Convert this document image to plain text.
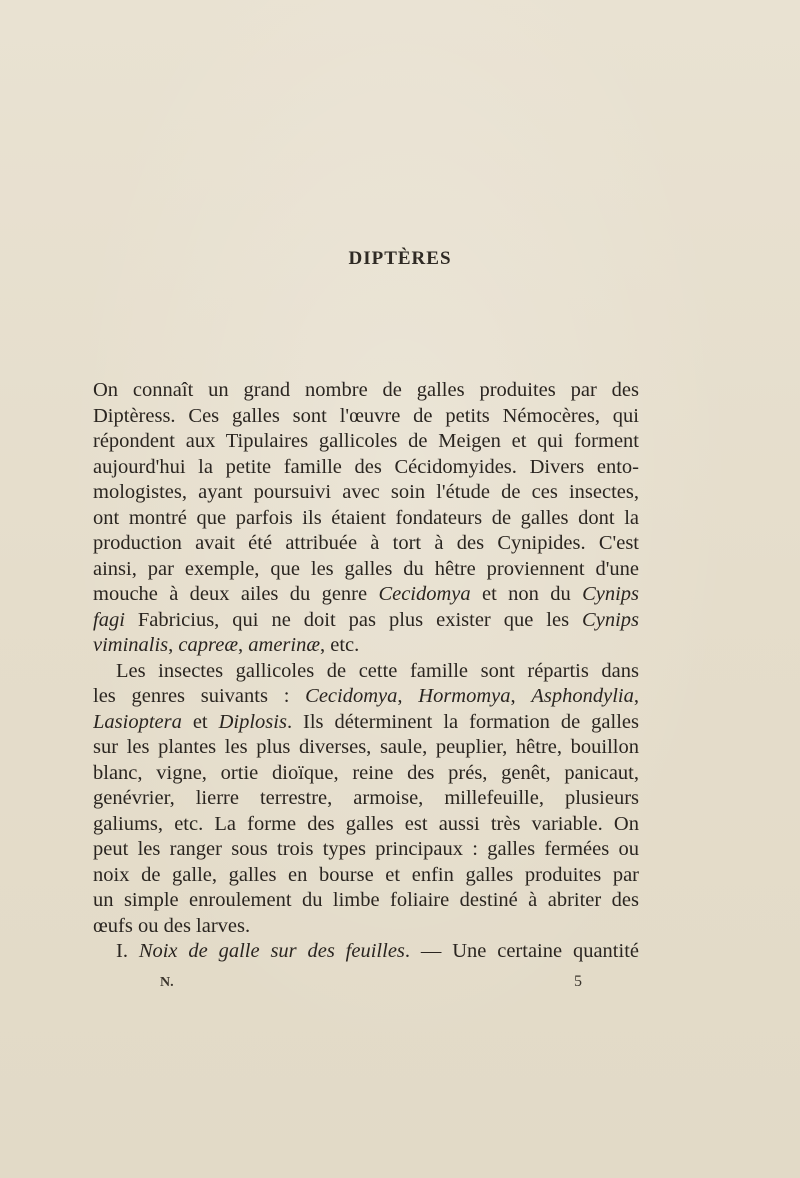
DIPTÈRES
On connaît un grand nombre de galles produites par des
Diptèress. Ces galles sont l'œuvre de petits Némocères, qui
répondent aux Tipulaires gallicoles de Meigen et qui forment
aujourd'hui la petite famille des Cécidomyides. Divers ento-
mologistes, ayant poursuivi avec soin l'étude de ces insectes,
ont montré que parfois ils étaient fondateurs de galles dont la
production avait été attribuée à tort à des Cynipides. C'est
ainsi, par exemple, que les galles du hêtre proviennent d'une
mouche à deux ailes du genre Cecidomya et non du Cynips
fagi Fabricius, qui ne doit pas plus exister que les Cynips
viminalis, capreæ, amerinæ, etc.
Les insectes gallicoles de cette famille sont répartis dans
les genres suivants : Cecidomya, Hormomya, Asphondylia,
Lasioptera et Diplosis. Ils déterminent la formation de galles
sur les plantes les plus diverses, saule, peuplier, hêtre, bouillon
blanc, vigne, ortie dioïque, reine des prés, genêt, panicaut,
genévrier, lierre terrestre, armoise, millefeuille, plusieurs
galiums, etc. La forme des galles est aussi très variable. On
peut les ranger sous trois types principaux : galles fermées ou
noix de galle, galles en bourse et enfin galles produites par
un simple enroulement du limbe foliaire destiné à abriter des
œufs ou des larves.
I. Noix de galle sur des feuilles. — Une certaine quantité
N.	5
